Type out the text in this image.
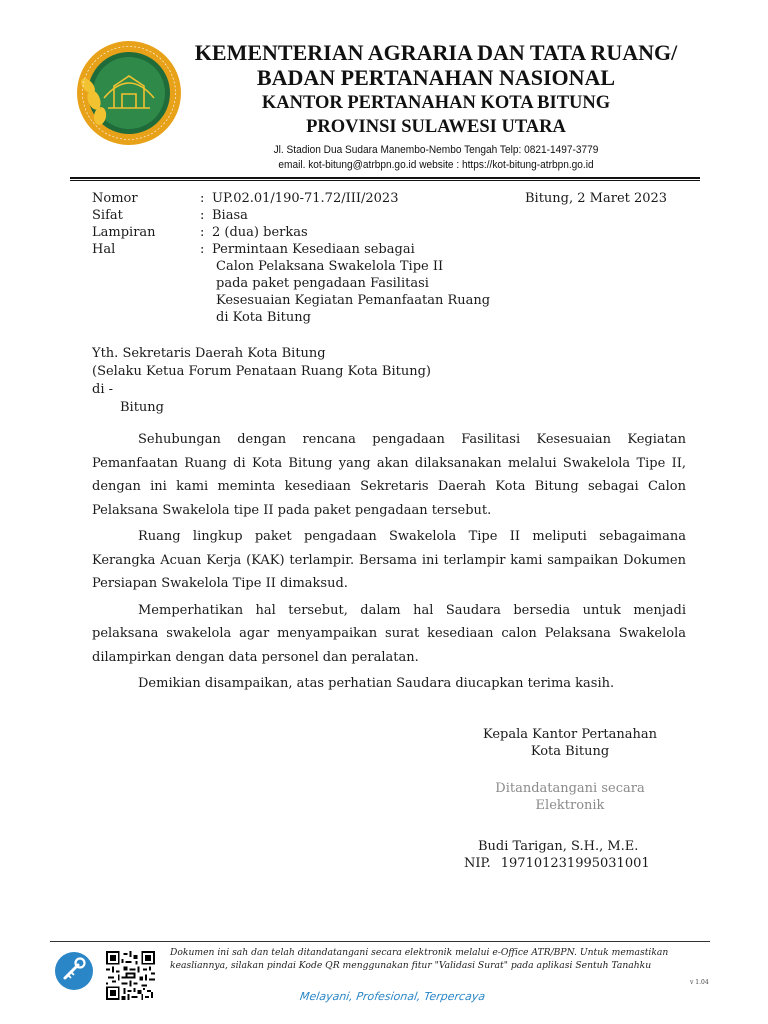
KEMENTERIAN AGRARIA DAN TATA RUANG/
BADAN PERTANAHAN NASIONAL
KANTOR PERTANAHAN KOTA BITUNG
PROVINSI SULAWESI UTARA
Jl. Stadion Dua Sudara Manembo-Nembo Tengah Telp: 0821-1497-3779
email. kot-bitung@atrbpn.go.id website : https://kot-bitung-atrbpn.go.id
Nomor	: UP.02.01/190-71.72/III/2023
Sifat	: Biasa
Lampiran	: 2 (dua) berkas
Hal	: Permintaan Kesediaan sebagai
Calon Pelaksana Swakelola Tipe II
pada paket pengadaan Fasilitasi
Kesesuaian Kegiatan Pemanfaatan Ruang
di Kota Bitung
Bitung, 2 Maret 2023
Yth. Sekretaris Daerah Kota Bitung
(Selaku Ketua Forum Penataan Ruang Kota Bitung)
di -
Bitung

Sehubungan dengan rencana pengadaan Fasilitasi Kesesuaian Kegiatan Pemanfaatan Ruang di Kota Bitung yang akan dilaksanakan melalui Swakelola Tipe II, dengan ini kami meminta kesediaan Sekretaris Daerah Kota Bitung sebagai Calon Pelaksana Swakelola tipe II pada paket pengadaan tersebut.

Ruang lingkup paket pengadaan Swakelola Tipe II meliputi sebagaimana Kerangka Acuan Kerja (KAK) terlampir. Bersama ini terlampir kami sampaikan Dokumen Persiapan Swakelola Tipe II dimaksud.

Memperhatikan hal tersebut, dalam hal Saudara bersedia untuk menjadi pelaksana swakelola agar menyampaikan surat kesediaan calon Pelaksana Swakelola dilampirkan dengan data personel dan peralatan.

Demikian disampaikan, atas perhatian Saudara diucapkan terima kasih.

Kepala Kantor Pertanahan
Kota Bitung
Ditandatangani secara
Elektronik
Budi Tarigan, S.H., M.E.
NIP. 197101231995031001
Dokumen ini sah dan telah ditandatangani secara elektronik melalui e-Office ATR/BPN. Untuk memastikan keasliannya, silakan pindai Kode QR menggunakan fitur "Validasi Surat" pada aplikasi Sentuh Tanahku
v 1.04
Melayani, Profesional, Terpercaya
